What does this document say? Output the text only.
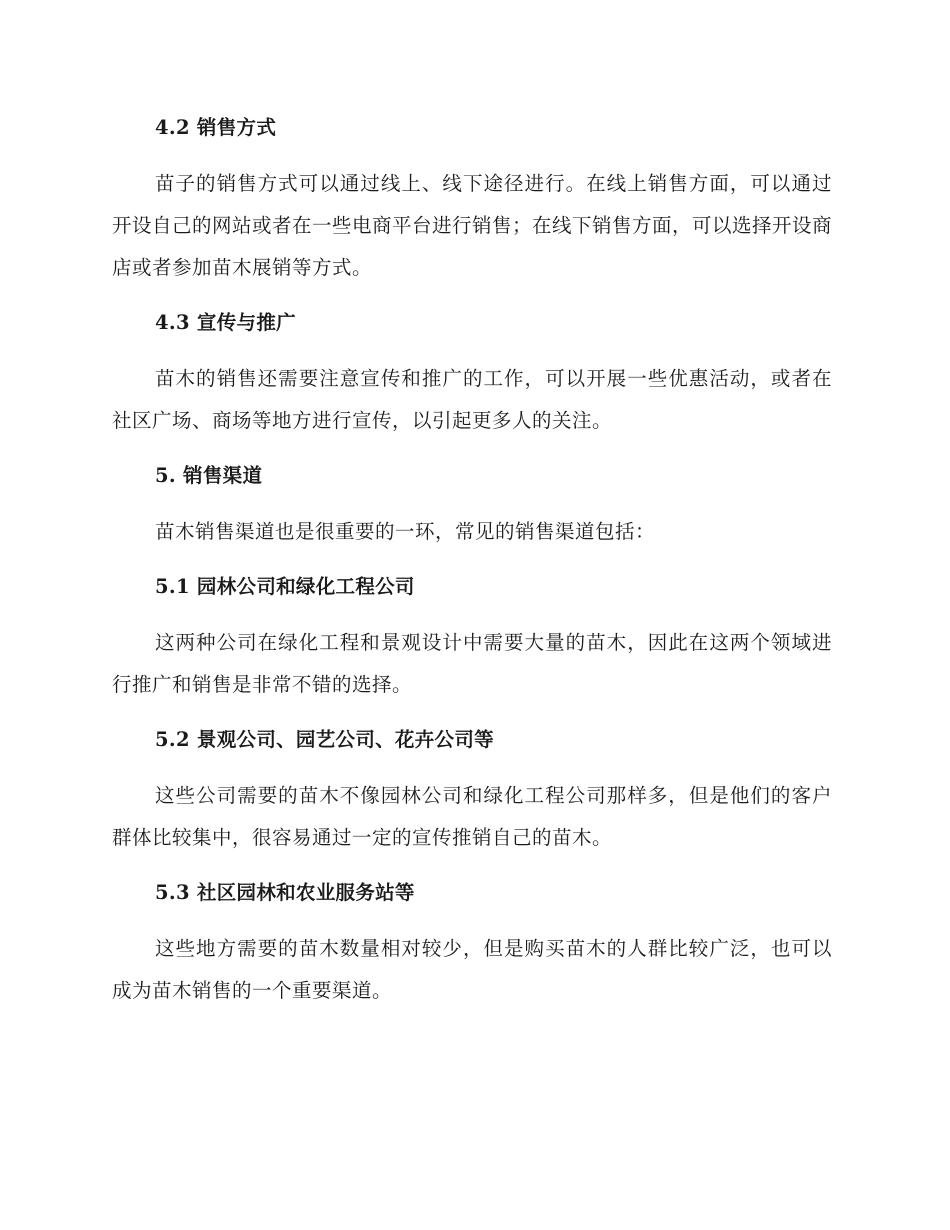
4.2 销售方式

苗子的销售方式可以通过线上、线下途径进行。在线上销售方面，可以通过开设自己的网站或者在一些电商平台进行销售；在线下销售方面，可以选择开设商店或者参加苗木展销等方式。

4.3 宣传与推广

苗木的销售还需要注意宣传和推广的工作，可以开展一些优惠活动，或者在社区广场、商场等地方进行宣传，以引起更多人的关注。

5. 销售渠道

苗木销售渠道也是很重要的一环，常见的销售渠道包括：

5.1 园林公司和绿化工程公司

这两种公司在绿化工程和景观设计中需要大量的苗木，因此在这两个领域进行推广和销售是非常不错的选择。

5.2 景观公司、园艺公司、花卉公司等

这些公司需要的苗木不像园林公司和绿化工程公司那样多，但是他们的客户群体比较集中，很容易通过一定的宣传推销自己的苗木。

5.3 社区园林和农业服务站等

这些地方需要的苗木数量相对较少，但是购买苗木的人群比较广泛，也可以成为苗木销售的一个重要渠道。
